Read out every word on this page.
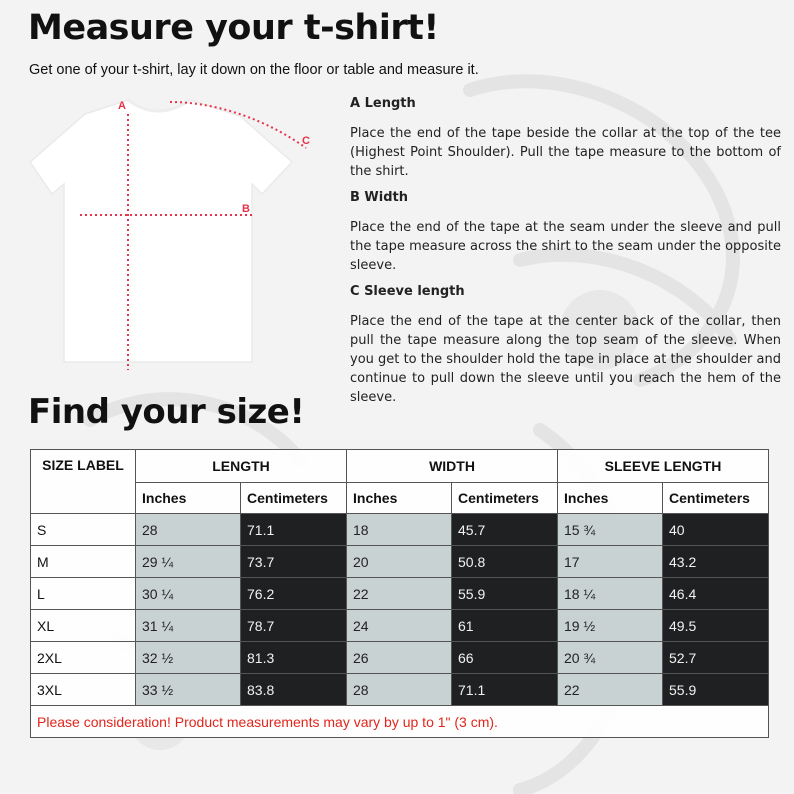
Measure your t-shirt!

Get one of your t-shirt, lay it down on the floor or table and measure it.

A
B
C
A Length

Place the end of the tape beside the collar at the top of the tee (Highest Point Shoulder). Pull the tape measure to the bottom of the shirt.

B Width

Place the end of the tape at the seam under the sleeve and pull the tape measure across the shirt to the seam under the opposite sleeve.

C Sleeve length

Place the end of the tape at the center back of the collar, then pull the tape measure along the top seam of the sleeve. When you get to the shoulder hold the tape in place at the shoulder and continue to pull down the sleeve until you reach the hem of the sleeve.

Find your size!
SIZE LABEL	LENGTH		WIDTH		SLEEVE LENGTH	
	Inches	Centimeters	Inches	Centimeters	Inches	Centimeters
S	28	71.1	18	45.7	15 ¾	40
M	29 ¼	73.7	20	50.8	17	43.2
L	30 ¼	76.2	22	55.9	18 ¼	46.4
XL	31 ¼	78.7	24	61	19 ½	49.5
2XL	32 ½	81.3	26	66	20 ¾	52.7
3XL	33 ½	83.8	28	71.1	22	55.9
Please consideration! Product measurements may vary by up to 1" (3 cm).						
